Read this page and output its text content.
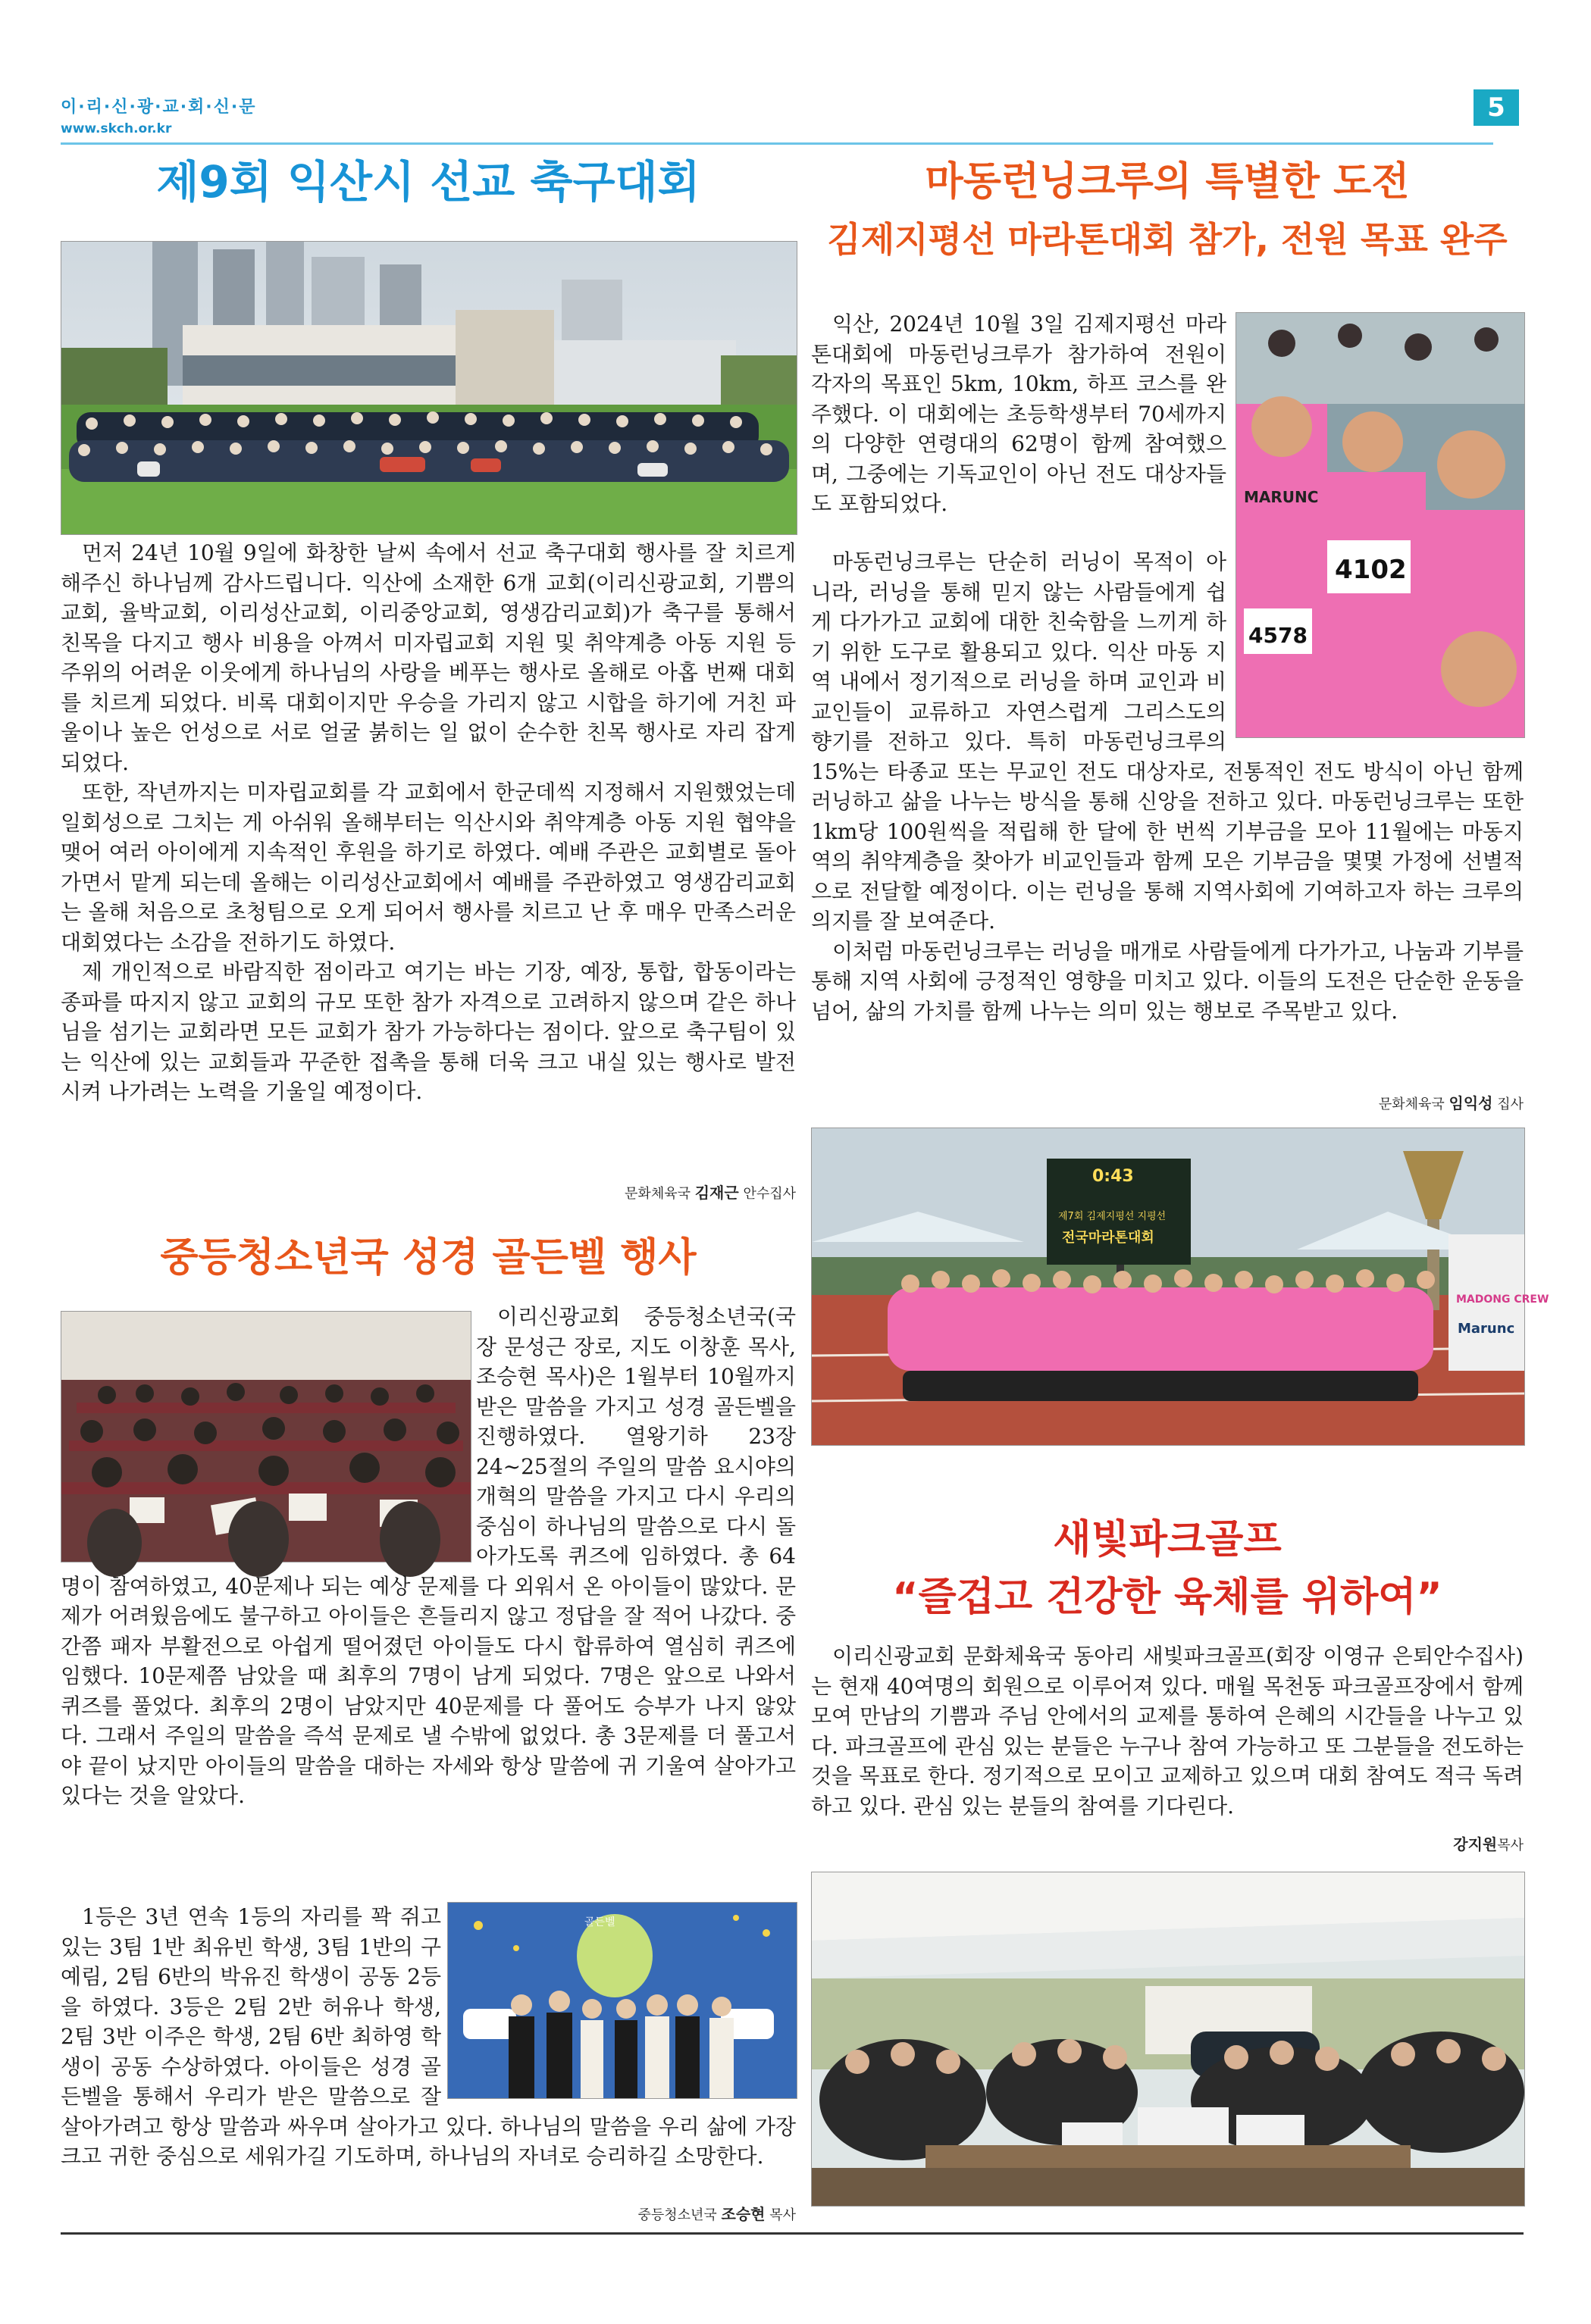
이·리·신·광·교·회·신·문
www.skch.or.kr
5
제9회 익산시 선교 축구대회

먼저 24년 10월 9일에 화창한 날씨 속에서 선교 축구대회 행사를 잘 치르게 해주신 하나님께 감사드립니다. 익산에 소재한 6개 교회(이리신광교회, 기쁨의교회, 율박교회, 이리성산교회, 이리중앙교회, 영생감리교회)가 축구를 통해서 친목을 다지고 행사 비용을 아껴서 미자립교회 지원 및 취약계층 아동 지원 등 주위의 어려운 이웃에게 하나님의 사랑을 베푸는 행사로 올해로 아홉 번째 대회를 치르게 되었다. 비록 대회이지만 우승을 가리지 않고 시합을 하기에 거친 파울이나 높은 언성으로 서로 얼굴 붉히는 일 없이 순수한 친목 행사로 자리 잡게 되었다.

또한, 작년까지는 미자립교회를 각 교회에서 한군데씩 지정해서 지원했었는데 일회성으로 그치는 게 아쉬워 올해부터는 익산시와 취약계층 아동 지원 협약을 맺어 여러 아이에게 지속적인 후원을 하기로 하였다. 예배 주관은 교회별로 돌아가면서 맡게 되는데 올해는 이리성산교회에서 예배를 주관하였고 영생감리교회는 올해 처음으로 초청팀으로 오게 되어서 행사를 치르고 난 후 매우 만족스러운 대회였다는 소감을 전하기도 하였다.

제 개인적으로 바람직한 점이라고 여기는 바는 기장, 예장, 통합, 합동이라는 종파를 따지지 않고 교회의 규모 또한 참가 자격으로 고려하지 않으며 같은 하나님을 섬기는 교회라면 모든 교회가 참가 가능하다는 점이다. 앞으로 축구팀이 있는 익산에 있는 교회들과 꾸준한 접촉을 통해 더욱 크고 내실 있는 행사로 발전시켜 나가려는 노력을 기울일 예정이다.

문화체육국 김재근 안수집사
중등청소년국 성경 골든벨 행사

이리신광교회 중등청소년국(국장 문성근 장로, 지도 이창훈 목사, 조승현 목사)은 1월부터 10월까지 받은 말씀을 가지고 성경 골든벨을 진행하였다. 열왕기하 23장 24~25절의 주일의 말씀 요시야의 개혁의 말씀을 가지고 다시 우리의 중심이 하나님의 말씀으로 다시 돌아가도록 퀴즈에 임하였다. 총 64명이 참여하였고, 40문제나 되는 예상 문제를 다 외워서 온 아이들이 많았다. 문제가 어려웠음에도 불구하고 아이들은 흔들리지 않고 정답을 잘 적어 나갔다. 중간쯤 패자 부활전으로 아쉽게 떨어졌던 아이들도 다시 합류하여 열심히 퀴즈에 임했다. 10문제쯤 남았을 때 최후의 7명이 남게 되었다. 7명은 앞으로 나와서 퀴즈를 풀었다. 최후의 2명이 남았지만 40문제를 다 풀어도 승부가 나지 않았다. 그래서 주일의 말씀을 즉석 문제로 낼 수밖에 없었다. 총 3문제를 더 풀고서야 끝이 났지만 아이들의 말씀을 대하는 자세와 항상 말씀에 귀 기울여 살아가고 있다는 것을 알았다.

1등은 3년 연속 1등의 자리를 꽉 쥐고 있는 3팀 1반 최유빈 학생, 3팀 1반의 구예림, 2팀 6반의 박유진 학생이 공동 2등을 하였다. 3등은 2팀 2반 허유나 학생, 2팀 3반 이주은 학생, 2팀 6반 최하영 학생이 공동 수상하였다. 아이들은 성경 골든벨을 통해서 우리가 받은 말씀으로 잘 살아가려고 항상 말씀과 싸우며 살아가고 있다. 하나님의 말씀을 우리 삶에 가장 크고 귀한 중심으로 세워가길 기도하며, 하나님의 자녀로 승리하길 소망한다.

골든벨
중등청소년국 조승현 목사
마동런닝크루의 특별한 도전
김제지평선 마라톤대회 참가, 전원 목표 완주
4102
4578
MARUNC

익산, 2024년 10월 3일 김제지평선 마라톤대회에 마동런닝크루가 참가하여 전원이 각자의 목표인 5km, 10km, 하프 코스를 완주했다. 이 대회에는 초등학생부터 70세까지의 다양한 연령대의 62명이 함께 참여했으며, 그중에는 기독교인이 아닌 전도 대상자들도 포함되었다.

마동런닝크루는 단순히 러닝이 목적이 아니라, 러닝을 통해 믿지 않는 사람들에게 쉽게 다가가고 교회에 대한 친숙함을 느끼게 하기 위한 도구로 활용되고 있다. 익산 마동 지역 내에서 정기적으로 러닝을 하며 교인과 비교인들이 교류하고 자연스럽게 그리스도의 향기를 전하고 있다. 특히 마동런닝크루의 15%는 타종교 또는 무교인 전도 대상자로, 전통적인 전도 방식이 아닌 함께 러닝하고 삶을 나누는 방식을 통해 신앙을 전하고 있다. 마동런닝크루는 또한 1km당 100원씩을 적립해 한 달에 한 번씩 기부금을 모아 11월에는 마동지역의 취약계층을 찾아가 비교인들과 함께 모은 기부금을 몇몇 가정에 선별적으로 전달할 예정이다. 이는 런닝을 통해 지역사회에 기여하고자 하는 크루의 의지를 잘 보여준다.

이처럼 마동런닝크루는 러닝을 매개로 사람들에게 다가가고, 나눔과 기부를 통해 지역 사회에 긍정적인 영향을 미치고 있다. 이들의 도전은 단순한 운동을 넘어, 삶의 가치를 함께 나누는 의미 있는 행보로 주목받고 있다.

문화체육국 임익성 집사
0:43
제7회 김제지평선 지평선
전국마라톤대회
MADONG CREW
Marunc
새빛파크골프
“즐겁고 건강한 육체를 위하여”

이리신광교회 문화체육국 동아리 새빛파크골프(회장 이영규 은퇴안수집사)는 현재 40여명의 회원으로 이루어져 있다. 매월 목천동 파크골프장에서 함께 모여 만남의 기쁨과 주님 안에서의 교제를 통하여 은혜의 시간들을 나누고 있다. 파크골프에 관심 있는 분들은 누구나 참여 가능하고 또 그분들을 전도하는 것을 목표로 한다. 정기적으로 모이고 교제하고 있으며 대회 참여도 적극 독려하고 있다. 관심 있는 분들의 참여를 기다린다.

강지원목사
